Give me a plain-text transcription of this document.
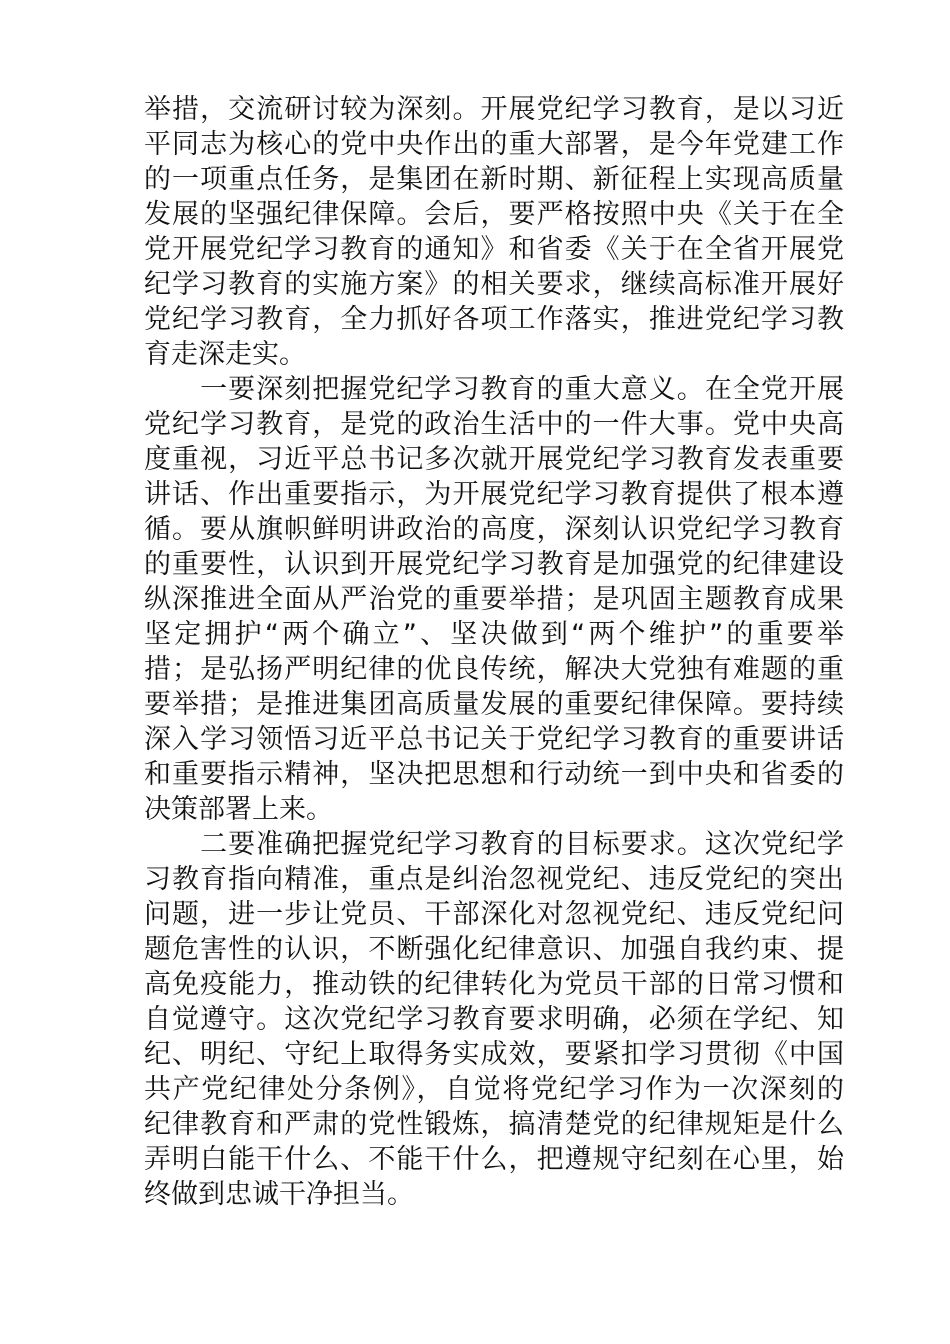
举措，交流研讨较为深刻。开展党纪学习教育，是以习近
平同志为核心的党中央作出的重大部署，是今年党建工作
的一项重点任务，是集团在新时期、新征程上实现高质量
发展的坚强纪律保障。会后，要严格按照中央《关于在全
党开展党纪学习教育的通知》和省委《关于在全省开展党
纪学习教育的实施方案》的相关要求，继续高标准开展好
党纪学习教育，全力抓好各项工作落实，推进党纪学习教
育走深走实。
　　一要深刻把握党纪学习教育的重大意义。在全党开展
党纪学习教育，是党的政治生活中的一件大事。党中央高
度重视，习近平总书记多次就开展党纪学习教育发表重要
讲话、作出重要指示，为开展党纪学习教育提供了根本遵
循。要从旗帜鲜明讲政治的高度，深刻认识党纪学习教育
的重要性，认识到开展党纪学习教育是加强党的纪律建设
纵深推进全面从严治党的重要举措；是巩固主题教育成果
坚定拥护“两个确立”、坚决做到“两个维护”的重要举
措；是弘扬严明纪律的优良传统，解决大党独有难题的重
要举措；是推进集团高质量发展的重要纪律保障。要持续
深入学习领悟习近平总书记关于党纪学习教育的重要讲话
和重要指示精神，坚决把思想和行动统一到中央和省委的
决策部署上来。
　　二要准确把握党纪学习教育的目标要求。这次党纪学
习教育指向精准，重点是纠治忽视党纪、违反党纪的突出
问题，进一步让党员、干部深化对忽视党纪、违反党纪问
题危害性的认识，不断强化纪律意识、加强自我约束、提
高免疫能力，推动铁的纪律转化为党员干部的日常习惯和
自觉遵守。这次党纪学习教育要求明确，必须在学纪、知
纪、明纪、守纪上取得务实成效，要紧扣学习贯彻《中国
共产党纪律处分条例》，自觉将党纪学习作为一次深刻的
纪律教育和严肃的党性锻炼，搞清楚党的纪律规矩是什么
弄明白能干什么、不能干什么，把遵规守纪刻在心里，始
终做到忠诚干净担当。
